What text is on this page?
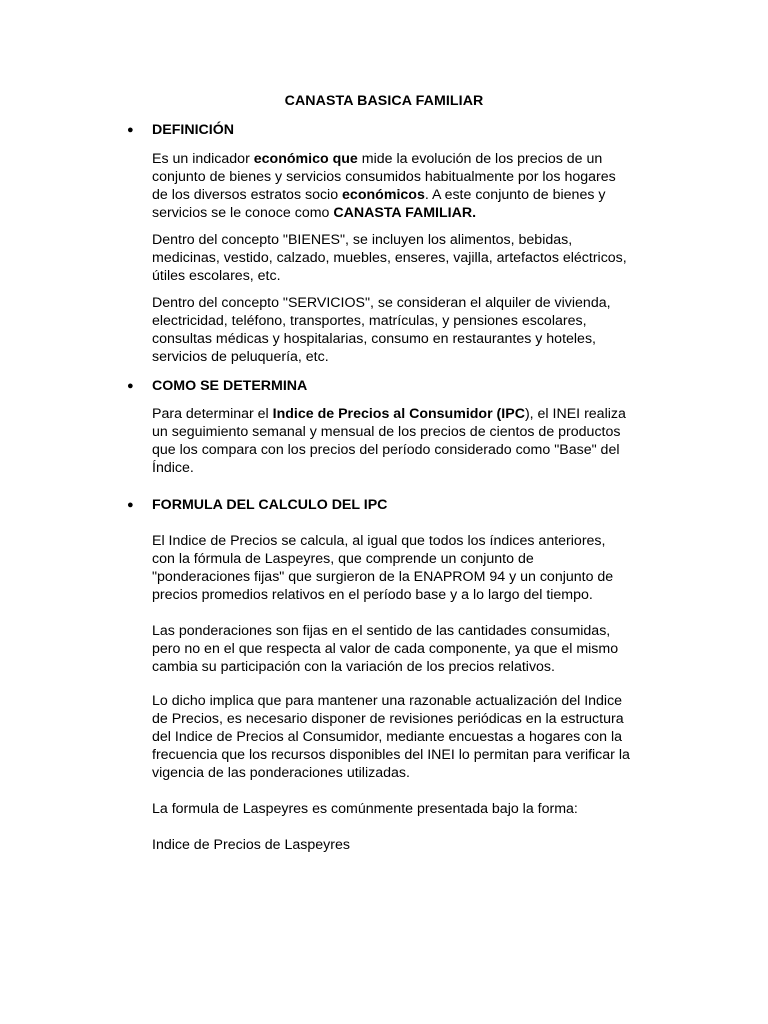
CANASTA BASICA FAMILIAR
● DEFINICIÓN
Es un indicador económico que mide la evolución de los precios de un
conjunto de bienes y servicios consumidos habitualmente por los hogares
de los diversos estratos socio económicos. A este conjunto de bienes y
servicios se le conoce como CANASTA FAMILIAR.
Dentro del concepto "BIENES", se incluyen los alimentos, bebidas,
medicinas, vestido, calzado, muebles, enseres, vajilla, artefactos eléctricos,
útiles escolares, etc.
Dentro del concepto "SERVICIOS", se consideran el alquiler de vivienda,
electricidad, teléfono, transportes, matrículas, y pensiones escolares,
consultas médicas y hospitalarias, consumo en restaurantes y hoteles,
servicios de peluquería, etc.
● COMO SE DETERMINA
Para determinar el Indice de Precios al Consumidor (IPC), el INEI realiza
un seguimiento semanal y mensual de los precios de cientos de productos
que los compara con los precios del período considerado como "Base" del
Índice.
● FORMULA DEL CALCULO DEL IPC
El Indice de Precios se calcula, al igual que todos los índices anteriores,
con la fórmula de Laspeyres, que comprende un conjunto de
"ponderaciones fijas" que surgieron de la ENAPROM 94 y un conjunto de
precios promedios relativos en el período base y a lo largo del tiempo.
Las ponderaciones son fijas en el sentido de las cantidades consumidas,
pero no en el que respecta al valor de cada componente, ya que el mismo
cambia su participación con la variación de los precios relativos.
Lo dicho implica que para mantener una razonable actualización del Indice
de Precios, es necesario disponer de revisiones periódicas en la estructura
del Indice de Precios al Consumidor, mediante encuestas a hogares con la
frecuencia que los recursos disponibles del INEI lo permitan para verificar la
vigencia de las ponderaciones utilizadas.
La formula de Laspeyres es comúnmente presentada bajo la forma:
Indice de Precios de Laspeyres
